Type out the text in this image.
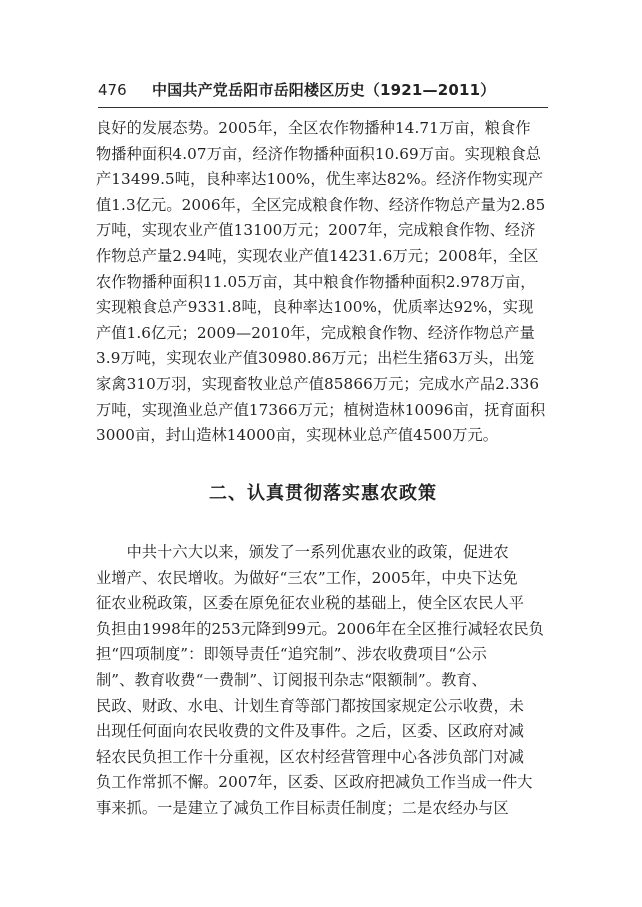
476 中国共产党岳阳市岳阳楼区历史（1921—2011）
良好的发展态势。2005年，全区农作物播种14.71万亩，粮食作
物播种面积4.07万亩，经济作物播种面积10.69万亩。实现粮食总
产13499.5吨，良种率达100%，优生率达82%。经济作物实现产
值1.3亿元。2006年，全区完成粮食作物、经济作物总产量为2.85
万吨，实现农业产值13100万元；2007年，完成粮食作物、经济
作物总产量2.94吨，实现农业产值14231.6万元；2008年，全区
农作物播种面积11.05万亩，其中粮食作物播种面积2.978万亩，
实现粮食总产9331.8吨，良种率达100%，优质率达92%，实现
产值1.6亿元；2009—2010年，完成粮食作物、经济作物总产量
3.9万吨，实现农业产值30980.86万元；出栏生猪63万头，出笼
家禽310万羽，实现畜牧业总产值85866万元；完成水产品2.336
万吨，实现渔业总产值17366万元；植树造林10096亩，抚育面积
3000亩，封山造林14000亩，实现林业总产值4500万元。
二、认真贯彻落实惠农政策
　　中共十六大以来，颁发了一系列优惠农业的政策，促进农
业增产、农民增收。为做好“三农”工作，2005年，中央下达免
征农业税政策，区委在原免征农业税的基础上，使全区农民人平
负担由1998年的253元降到99元。2006年在全区推行减轻农民负
担“四项制度”：即领导责任“追究制”、涉农收费项目“公示
制”、教育收费“一费制”、订阅报刊杂志“限额制”。教育、
民政、财政、水电、计划生育等部门都按国家规定公示收费，未
出现任何面向农民收费的文件及事件。之后，区委、区政府对减
轻农民负担工作十分重视，区农村经营管理中心各涉负部门对减
负工作常抓不懈。2007年，区委、区政府把减负工作当成一件大
事来抓。一是建立了减负工作目标责任制度；二是农经办与区
